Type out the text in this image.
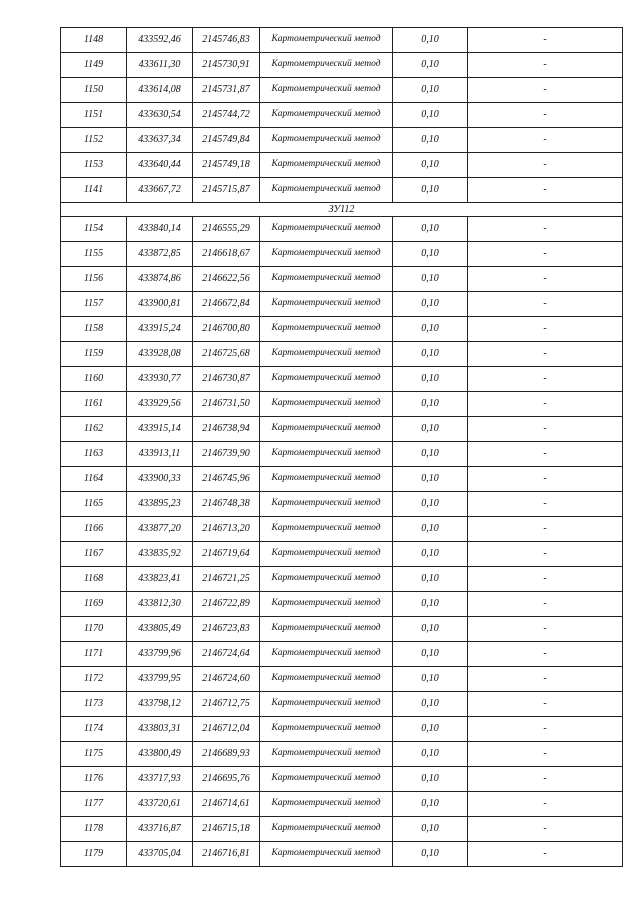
1148	433592,46	2145746,83	Картометрический метод	0,10	-
1149	433611,30	2145730,91	Картометрический метод	0,10	-
1150	433614,08	2145731,87	Картометрический метод	0,10	-
1151	433630,54	2145744,72	Картометрический метод	0,10	-
1152	433637,34	2145749,84	Картометрический метод	0,10	-
1153	433640,44	2145749,18	Картометрический метод	0,10	-
1141	433667,72	2145715,87	Картометрический метод	0,10	-
ЗУ112					
1154	433840,14	2146555,29	Картометрический метод	0,10	-
1155	433872,85	2146618,67	Картометрический метод	0,10	-
1156	433874,86	2146622,56	Картометрический метод	0,10	-
1157	433900,81	2146672,84	Картометрический метод	0,10	-
1158	433915,24	2146700,80	Картометрический метод	0,10	-
1159	433928,08	2146725,68	Картометрический метод	0,10	-
1160	433930,77	2146730,87	Картометрический метод	0,10	-
1161	433929,56	2146731,50	Картометрический метод	0,10	-
1162	433915,14	2146738,94	Картометрический метод	0,10	-
1163	433913,11	2146739,90	Картометрический метод	0,10	-
1164	433900,33	2146745,96	Картометрический метод	0,10	-
1165	433895,23	2146748,38	Картометрический метод	0,10	-
1166	433877,20	2146713,20	Картометрический метод	0,10	-
1167	433835,92	2146719,64	Картометрический метод	0,10	-
1168	433823,41	2146721,25	Картометрический метод	0,10	-
1169	433812,30	2146722,89	Картометрический метод	0,10	-
1170	433805,49	2146723,83	Картометрический метод	0,10	-
1171	433799,96	2146724,64	Картометрический метод	0,10	-
1172	433799,95	2146724,60	Картометрический метод	0,10	-
1173	433798,12	2146712,75	Картометрический метод	0,10	-
1174	433803,31	2146712,04	Картометрический метод	0,10	-
1175	433800,49	2146689,93	Картометрический метод	0,10	-
1176	433717,93	2146695,76	Картометрический метод	0,10	-
1177	433720,61	2146714,61	Картометрический метод	0,10	-
1178	433716,87	2146715,18	Картометрический метод	0,10	-
1179	433705,04	2146716,81	Картометрический метод	0,10	-
